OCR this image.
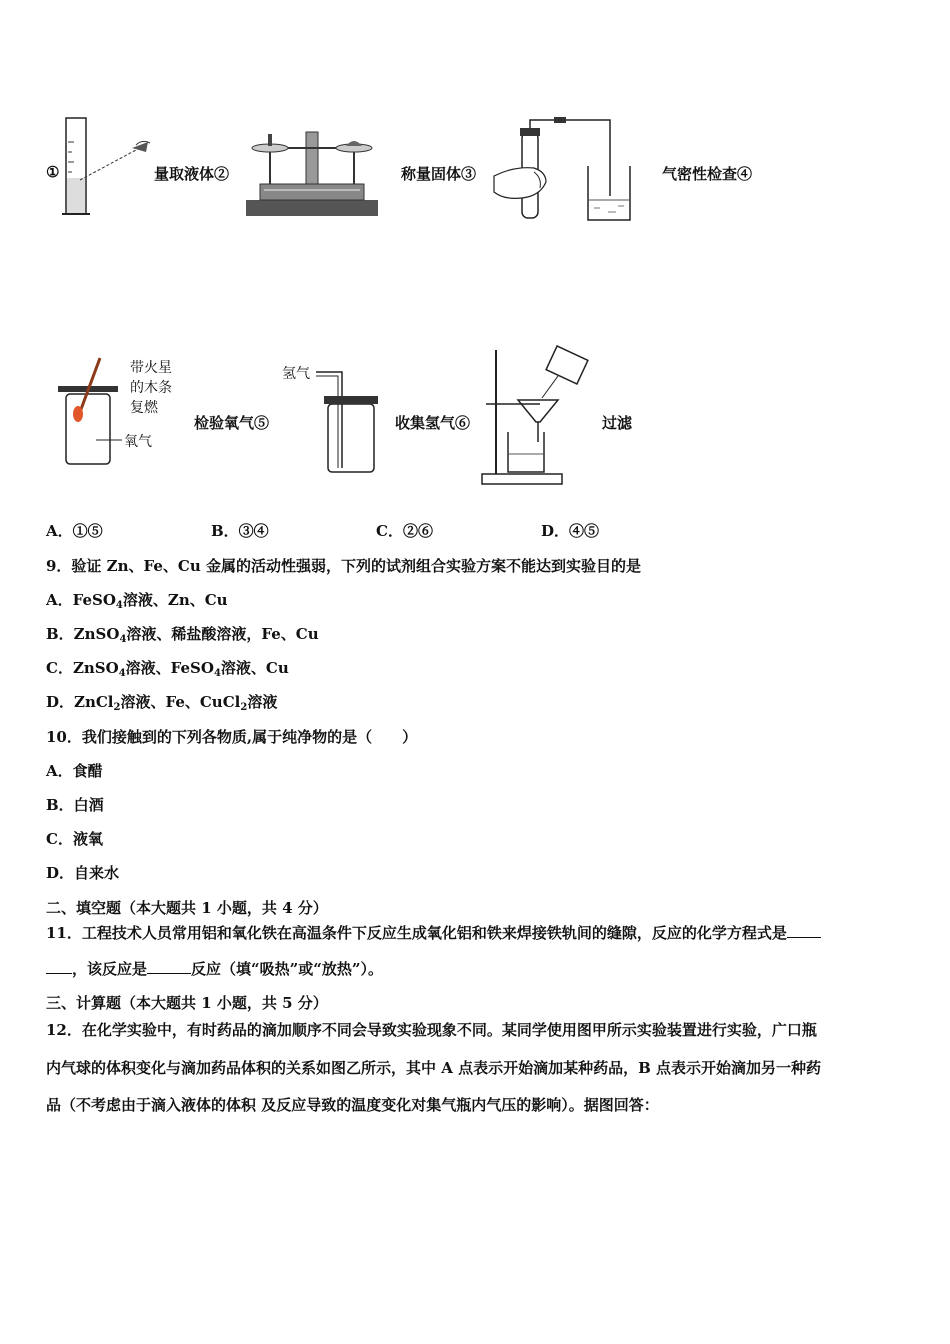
①	量取液体②	称量固体③	气密性检查④
带火星
的木条
复燃
氧气
检验氧气⑤
氢气
收集氢气⑥	过滤
A．①⑤	B．③④	C．②⑥	D．④⑤
9．验证 Zn、Fe、Cu 金属的活动性强弱，下列的试剂组合实验方案不能达到实验目的是
A．FeSO$_4$溶液、Zn、Cu
B．ZnSO$_4$溶液、稀盐酸溶液，Fe、Cu
C．ZnSO$_4$溶液、FeSO$_4$溶液、Cu
D．ZnCl$_2$溶液、Fe、CuCl$_2$溶液
10．我们接触到的下列各物质,属于纯净物的是（　　）
A．食醋
B．白酒
C．液氧
D．自来水
二、填空题（本大题共 1 小题，共 4 分）
11．工程技术人员常用铝和氧化铁在高温条件下反应生成氧化铝和铁来焊接铁轨间的缝隙，反应的化学方程式是
，该反应是	反应（填“吸热”或“放热”）。
三、计算题（本大题共 1 小题，共 5 分）
12．在化学实验中，有时药品的滴加顺序不同会导致实验现象不同。某同学使用图甲所示实验装置进行实验，广口瓶
内气球的体积变化与滴加药品体积的关系如图乙所示，其中 A 点表示开始滴加某种药品，B 点表示开始滴加另一种药
品（不考虑由于滴入液体的体积 及反应导致的温度变化对集气瓶内气压的影响）。据图回答：
